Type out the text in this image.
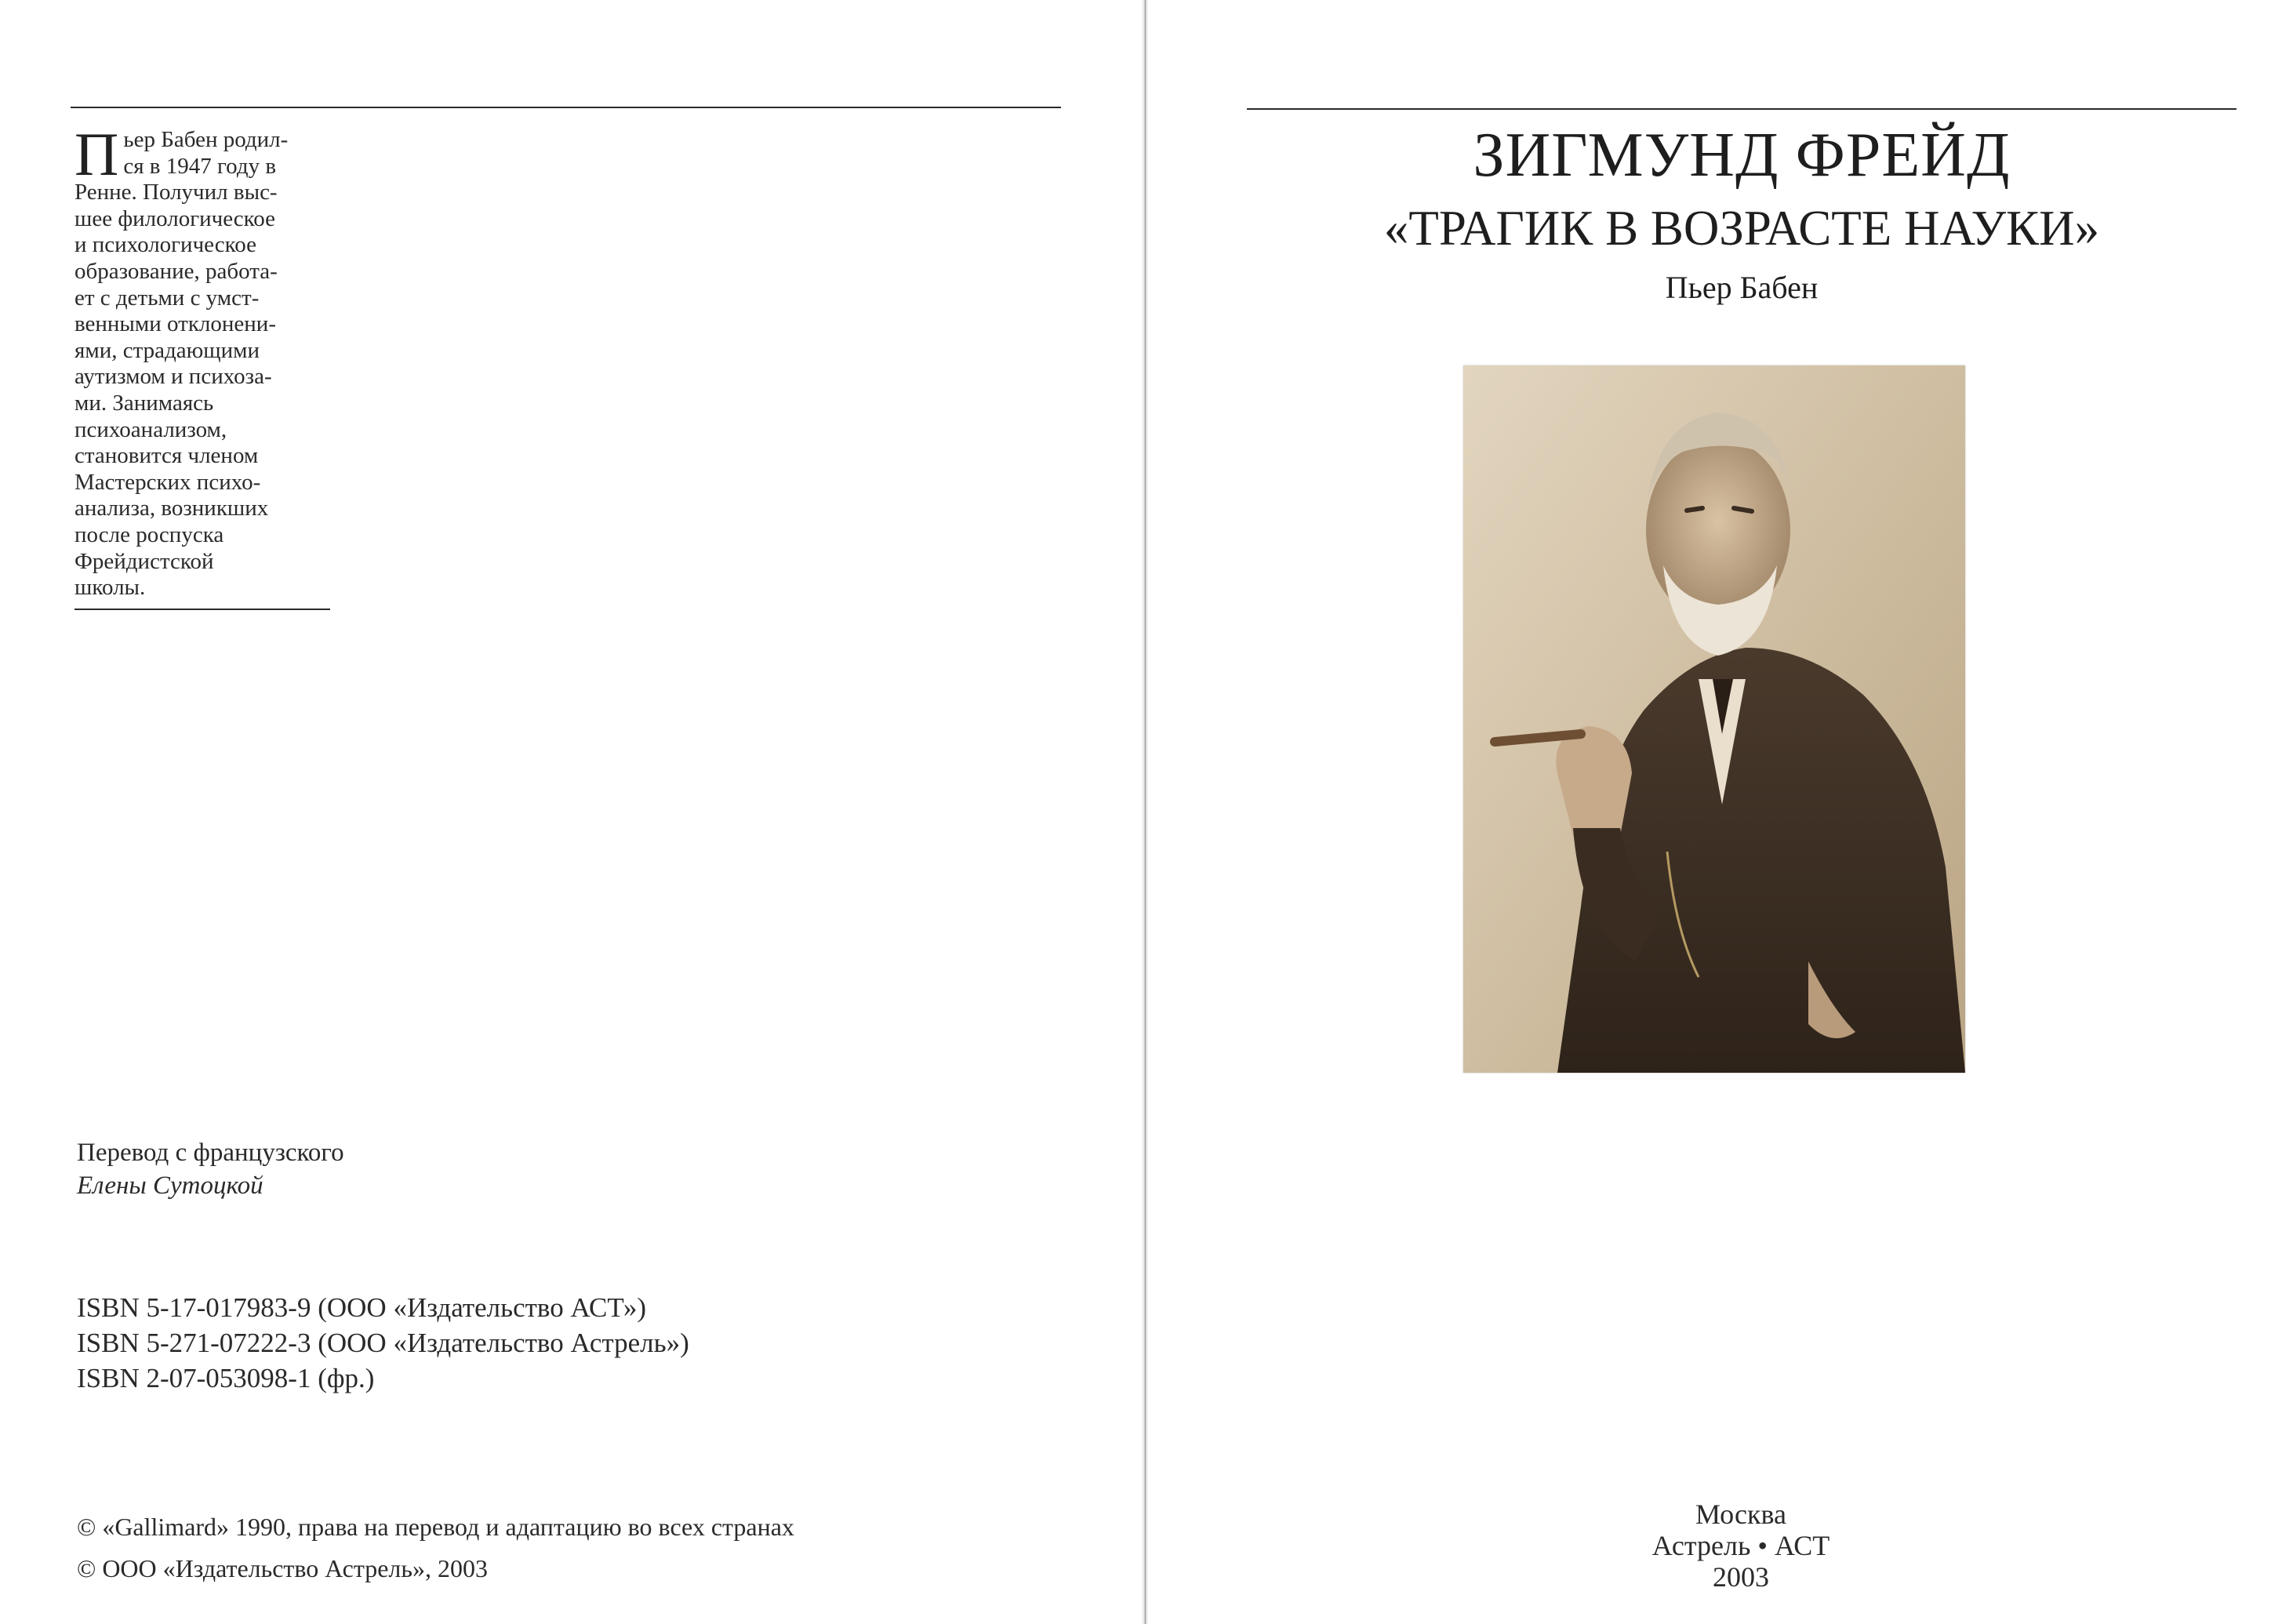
П ьер Бабен родил-
ся в 1947 году в
Ренне. Получил выс-
шее филологическое
и психологическое
образование, работа-
ет с детьми с умст-
венными отклонени-
ями, страдающими
аутизмом и психоза-
ми. Занимаясь
психоанализом,
становится членом
Мастерских психо-
анализа, возникших
после роспуска
Фрейдистской
школы.
Перевод с французского
Елены Сутоцкой
ISBN 5-17-017983-9 (ООО «Издательство АСТ»)
ISBN 5-271-07222-3 (ООО «Издательство Астрель»)
ISBN 2-07-053098-1 (фр.)
© «Gallimard» 1990, права на перевод и адаптацию во всех странах
© ООО «Издательство Астрель», 2003
ЗИГМУНД ФРЕЙД
«ТРАГИК В ВОЗРАСТЕ НАУКИ»
Пьер Бабен
Москва
Астрель • АСТ
2003
